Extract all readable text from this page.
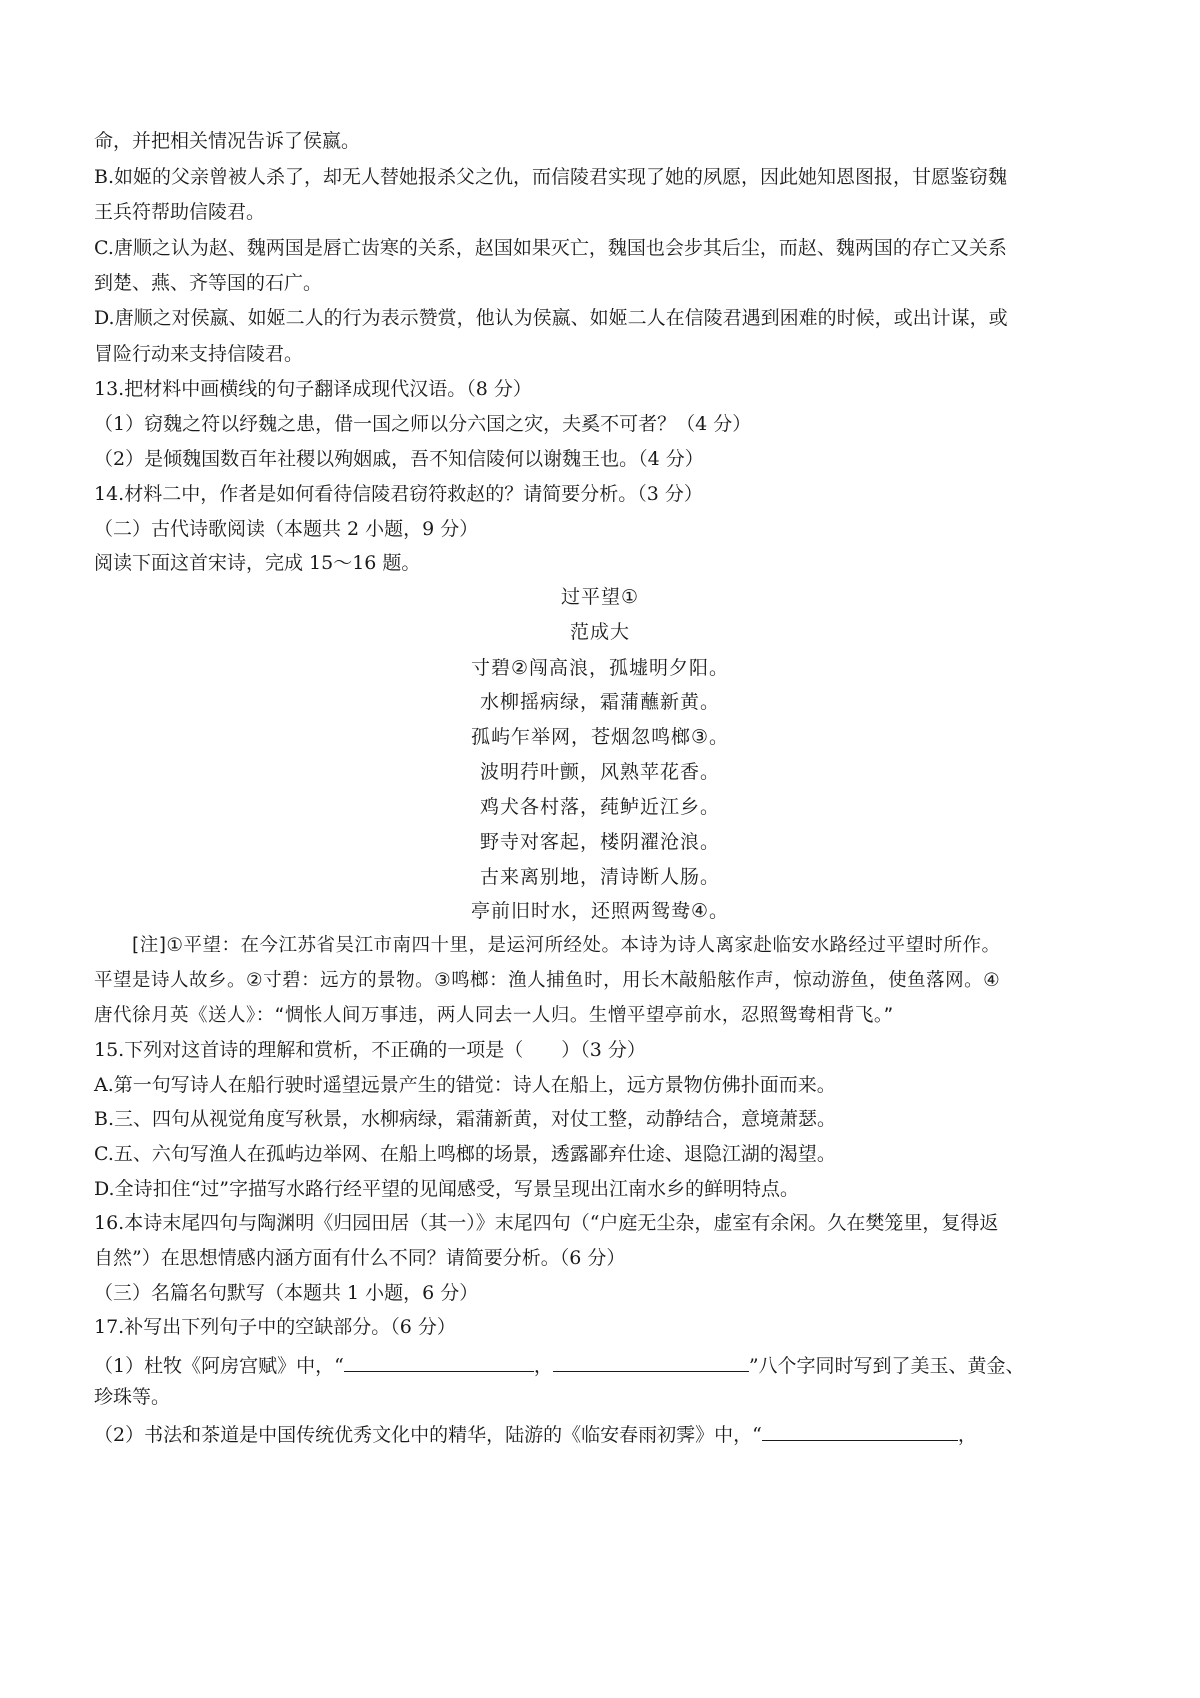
命，并把相关情况告诉了侯嬴。
B.如姬的父亲曾被人杀了，却无人替她报杀父之仇，而信陵君实现了她的夙愿，因此她知恩图报，甘愿鉴窃魏
王兵符帮助信陵君。
C.唐顺之认为赵、魏两国是唇亡齿寒的关系，赵国如果灭亡，魏国也会步其后尘，而赵、魏两国的存亡又关系
到楚、燕、齐等国的石广。
D.唐顺之对侯嬴、如姬二人的行为表示赞赏，他认为侯嬴、如姬二人在信陵君遇到困难的时候，或出计谋，或
冒险行动来支持信陵君。
13.把材料中画横线的句子翻译成现代汉语。（8 分）
（1）窃魏之符以纾魏之患，借一国之师以分六国之灾，夫奚不可者？（4 分）
（2）是倾魏国数百年社稷以殉姻戚，吾不知信陵何以谢魏王也。（4 分）
14.材料二中，作者是如何看待信陵君窃符救赵的？请简要分析。（3 分）
（二）古代诗歌阅读（本题共 2 小题，9 分）
阅读下面这首宋诗，完成 15～16 题。
过平望①
范成大
寸碧②闯高浪，孤墟明夕阳。
水柳摇病绿，霜蒲蘸新黄。
孤屿乍举网，苍烟忽鸣榔③。
波明荇叶颤，风熟苹花香。
鸡犬各村落，莼鲈近江乡。
野寺对客起，楼阴濯沧浪。
古来离别地，清诗断人肠。
亭前旧时水，还照两鸳鸯④。
[注]①平望：在今江苏省吴江市南四十里，是运河所经处。本诗为诗人离家赴临安水路经过平望时所作。
平望是诗人故乡。②寸碧：远方的景物。③鸣榔：渔人捕鱼时，用长木敲船舷作声，惊动游鱼，使鱼落网。④
唐代徐月英《送人》：“惆怅人间万事违，两人同去一人归。生憎平望亭前水，忍照鸳鸯相背飞。”
15.下列对这首诗的理解和赏析，不正确的一项是（　　）（3 分）
A.第一句写诗人在船行驶时遥望远景产生的错觉：诗人在船上，远方景物仿佛扑面而来。
B.三、四句从视觉角度写秋景，水柳病绿，霜蒲新黄，对仗工整，动静结合，意境萧瑟。
C.五、六句写渔人在孤屿边举网、在船上鸣榔的场景，透露鄙弃仕途、退隐江湖的渴望。
D.全诗扣住“过”字描写水路行经平望的见闻感受，写景呈现出江南水乡的鲜明特点。
16.本诗末尾四句与陶渊明《归园田居（其一）》末尾四句（“户庭无尘杂，虚室有余闲。久在樊笼里，复得返
自然”）在思想情感内涵方面有什么不同？请简要分析。（6 分）
（三）名篇名句默写（本题共 1 小题，6 分）
17.补写出下列句子中的空缺部分。（6 分）
（1）杜牧《阿房宫赋》中，“	，	”八个字同时写到了美玉、黄金、
珍珠等。
（2）书法和茶道是中国传统优秀文化中的精华，陆游的《临安春雨初霁》中，“	，
